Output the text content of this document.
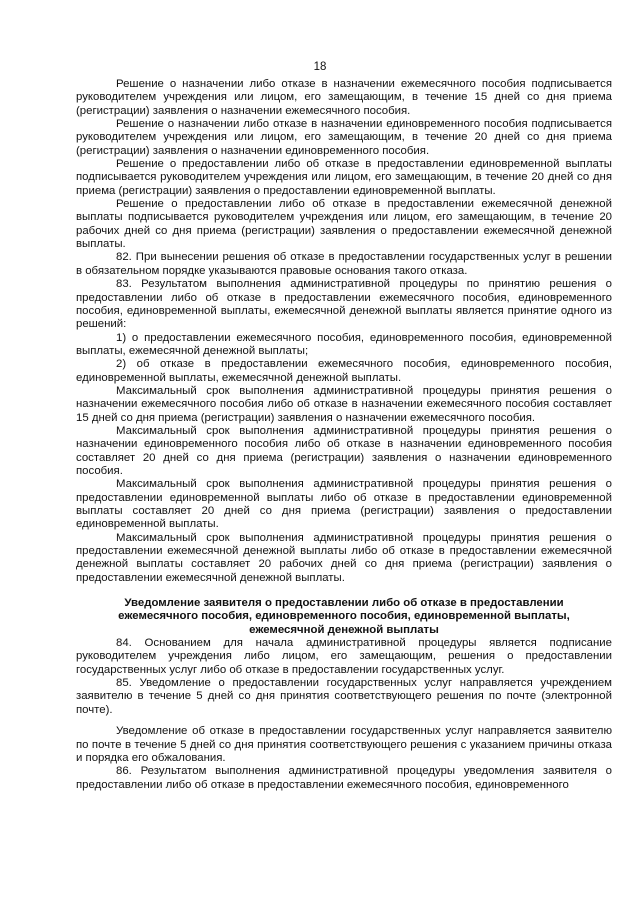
18

Решение о назначении либо отказе в назначении ежемесячного пособия подписывается руководителем учреждения или лицом, его замещающим, в течение 15 дней со дня приема (регистрации) заявления о назначении ежемесячного пособия.

Решение о назначении либо отказе в назначении единовременного пособия подписывается руководителем учреждения или лицом, его замещающим, в течение 20 дней со дня приема (регистрации) заявления о назначении единовременного пособия.

Решение о предоставлении либо об отказе в предоставлении единовременной выплаты подписывается руководителем учреждения или лицом, его замещающим, в течение 20 дней со дня приема (регистрации) заявления о предоставлении единовременной выплаты.

Решение о предоставлении либо об отказе в предоставлении ежемесячной денежной выплаты подписывается руководителем учреждения или лицом, его замещающим, в течение 20 рабочих дней со дня приема (регистрации) заявления о предоставлении ежемесячной денежной выплаты.

82. При вынесении решения об отказе в предоставлении государственных услуг в решении в обязательном порядке указываются правовые основания такого отказа.

83. Результатом выполнения административной процедуры по принятию решения о предоставлении либо об отказе в предоставлении ежемесячного пособия, единовременного пособия, единовременной выплаты, ежемесячной денежной выплаты является принятие одного из решений:

1) о предоставлении ежемесячного пособия, единовременного пособия, единовременной выплаты, ежемесячной денежной выплаты;

2) об отказе в предоставлении ежемесячного пособия, единовременного пособия, единовременной выплаты, ежемесячной денежной выплаты.

Максимальный срок выполнения административной процедуры принятия решения о назначении ежемесячного пособия либо об отказе в назначении ежемесячного пособия составляет 15 дней со дня приема (регистрации) заявления о назначении ежемесячного пособия.

Максимальный срок выполнения административной процедуры принятия решения о назначении единовременного пособия либо об отказе в назначении единовременного пособия составляет 20 дней со дня приема (регистрации) заявления о назначении единовременного пособия.

Максимальный срок выполнения административной процедуры принятия решения о предоставлении единовременной выплаты либо об отказе в предоставлении единовременной выплаты составляет 20 дней со дня приема (регистрации) заявления о предоставлении единовременной выплаты.

Максимальный срок выполнения административной процедуры принятия решения о предоставлении ежемесячной денежной выплаты либо об отказе в предоставлении ежемесячной денежной выплаты составляет 20 рабочих дней со дня приема (регистрации) заявления о предоставлении ежемесячной денежной выплаты.

Уведомление заявителя о предоставлении либо об отказе в предоставлении
ежемесячного пособия, единовременного пособия, единовременной выплаты,
ежемесячной денежной выплаты

84. Основанием для начала административной процедуры является подписание руководителем учреждения либо лицом, его замещающим, решения о предоставлении государственных услуг либо об отказе в предоставлении государственных услуг.

85. Уведомление о предоставлении государственных услуг направляется учреждением заявителю в течение 5 дней со дня принятия соответствующего решения по почте (электронной почте).

Уведомление об отказе в предоставлении государственных услуг направляется заявителю по почте в течение 5 дней со дня принятия соответствующего решения с указанием причины отказа и порядка его обжалования.

86. Результатом выполнения административной процедуры уведомления заявителя о предоставлении либо об отказе в предоставлении ежемесячного пособия, единовременного
